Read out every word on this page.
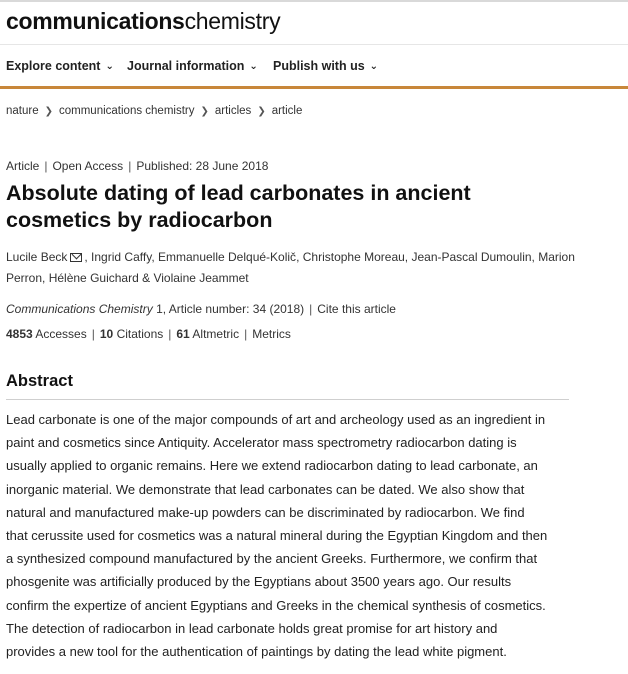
communicationschemistry
Explore content ⌄ Journal information ⌄ Publish with us ⌄
nature ❯ communications chemistry ❯ articles ❯ article
Article | Open Access | Published: 28 June 2018
Absolute dating of lead carbonates in ancient
cosmetics by radiocarbon
Lucile Beck , Ingrid Caffy, Emmanuelle Delqué-Količ, Christophe Moreau, Jean-Pascal Dumoulin, Marion Perron, Hélène Guichard & Violaine Jeammet
Communications Chemistry 1, Article number: 34 (2018) | Cite this article
4853 Accesses | 10 Citations | 61 Altmetric | Metrics
Abstract
Lead carbonate is one of the major compounds of art and archeology used as an ingredient in
paint and cosmetics since Antiquity. Accelerator mass spectrometry radiocarbon dating is
usually applied to organic remains. Here we extend radiocarbon dating to lead carbonate, an
inorganic material. We demonstrate that lead carbonates can be dated. We also show that
natural and manufactured make-up powders can be discriminated by radiocarbon. We find
that cerussite used for cosmetics was a natural mineral during the Egyptian Kingdom and then
a synthesized compound manufactured by the ancient Greeks. Furthermore, we confirm that
phosgenite was artificially produced by the Egyptians about 3500 years ago. Our results
confirm the expertize of ancient Egyptians and Greeks in the chemical synthesis of cosmetics.
The detection of radiocarbon in lead carbonate holds great promise for art history and
provides a new tool for the authentication of paintings by dating the lead white pigment.
